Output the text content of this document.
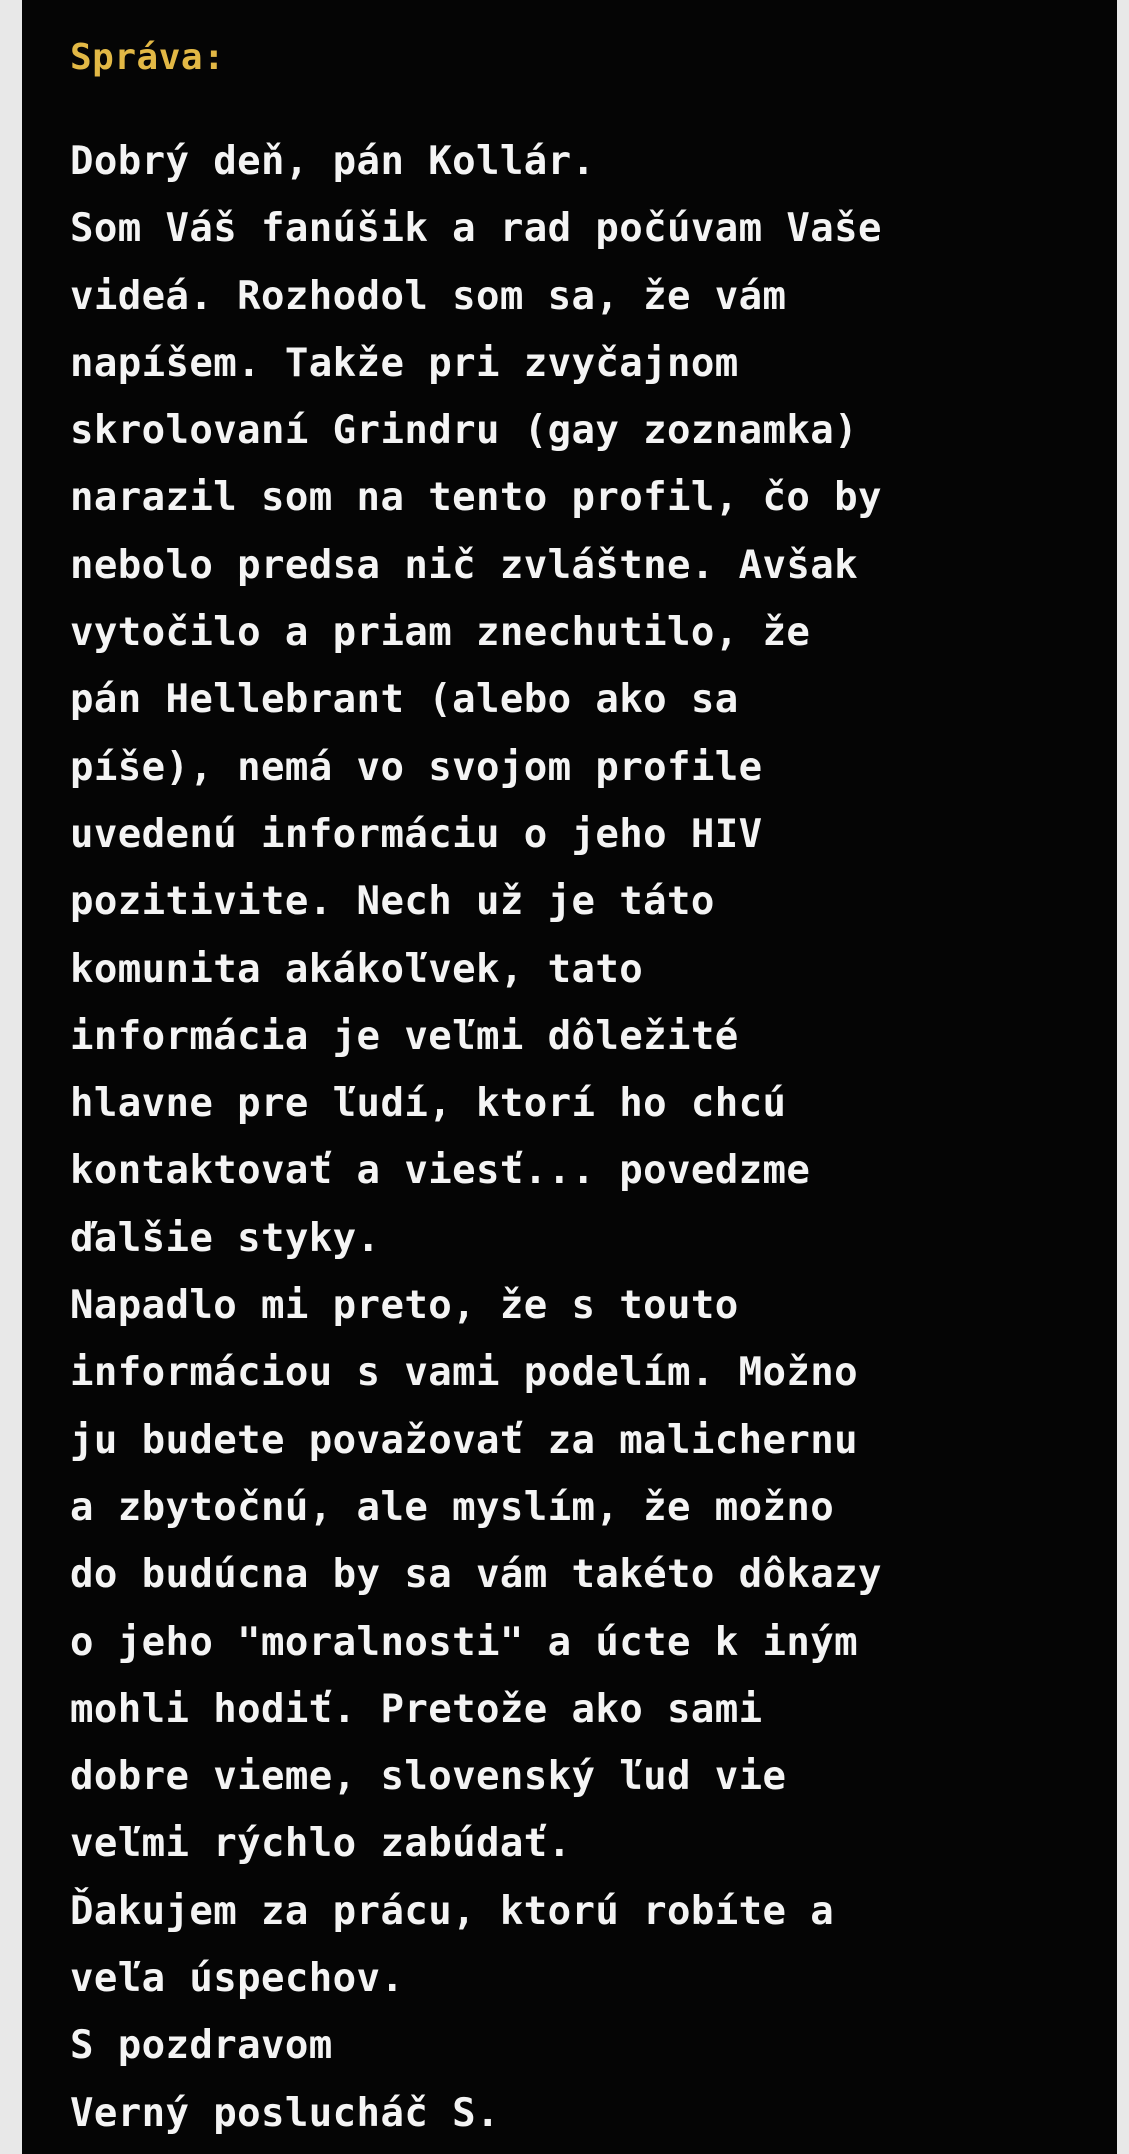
Správa:
Dobrý deň, pán Kollár.
Som Váš fanúšik a rad počúvam Vaše
videá. Rozhodol som sa, že vám
napíšem. Takže pri zvyčajnom
skrolovaní Grindru (gay zoznamka)
narazil som na tento profil, čo by
nebolo predsa nič zvláštne. Avšak
vytočilo a priam znechutilo, že
pán Hellebrant (alebo ako sa
píše), nemá vo svojom profile
uvedenú informáciu o jeho HIV
pozitivite. Nech už je táto
komunita akákoľvek, tato
informácia je veľmi dôležité
hlavne pre ľudí, ktorí ho chcú
kontaktovať a viesť... povedzme
ďalšie styky.
Napadlo mi preto, že s touto
informáciou s vami podelím. Možno
ju budete považovať za malichernu
a zbytočnú, ale myslím, že možno
do budúcna by sa vám takéto dôkazy
o jeho "moralnosti" a úcte k iným
mohli hodiť. Pretože ako sami
dobre vieme, slovenský ľud vie
veľmi rýchlo zabúdať.
Ďakujem za prácu, ktorú robíte a
veľa úspechov.
S pozdravom
Verný poslucháč S.
